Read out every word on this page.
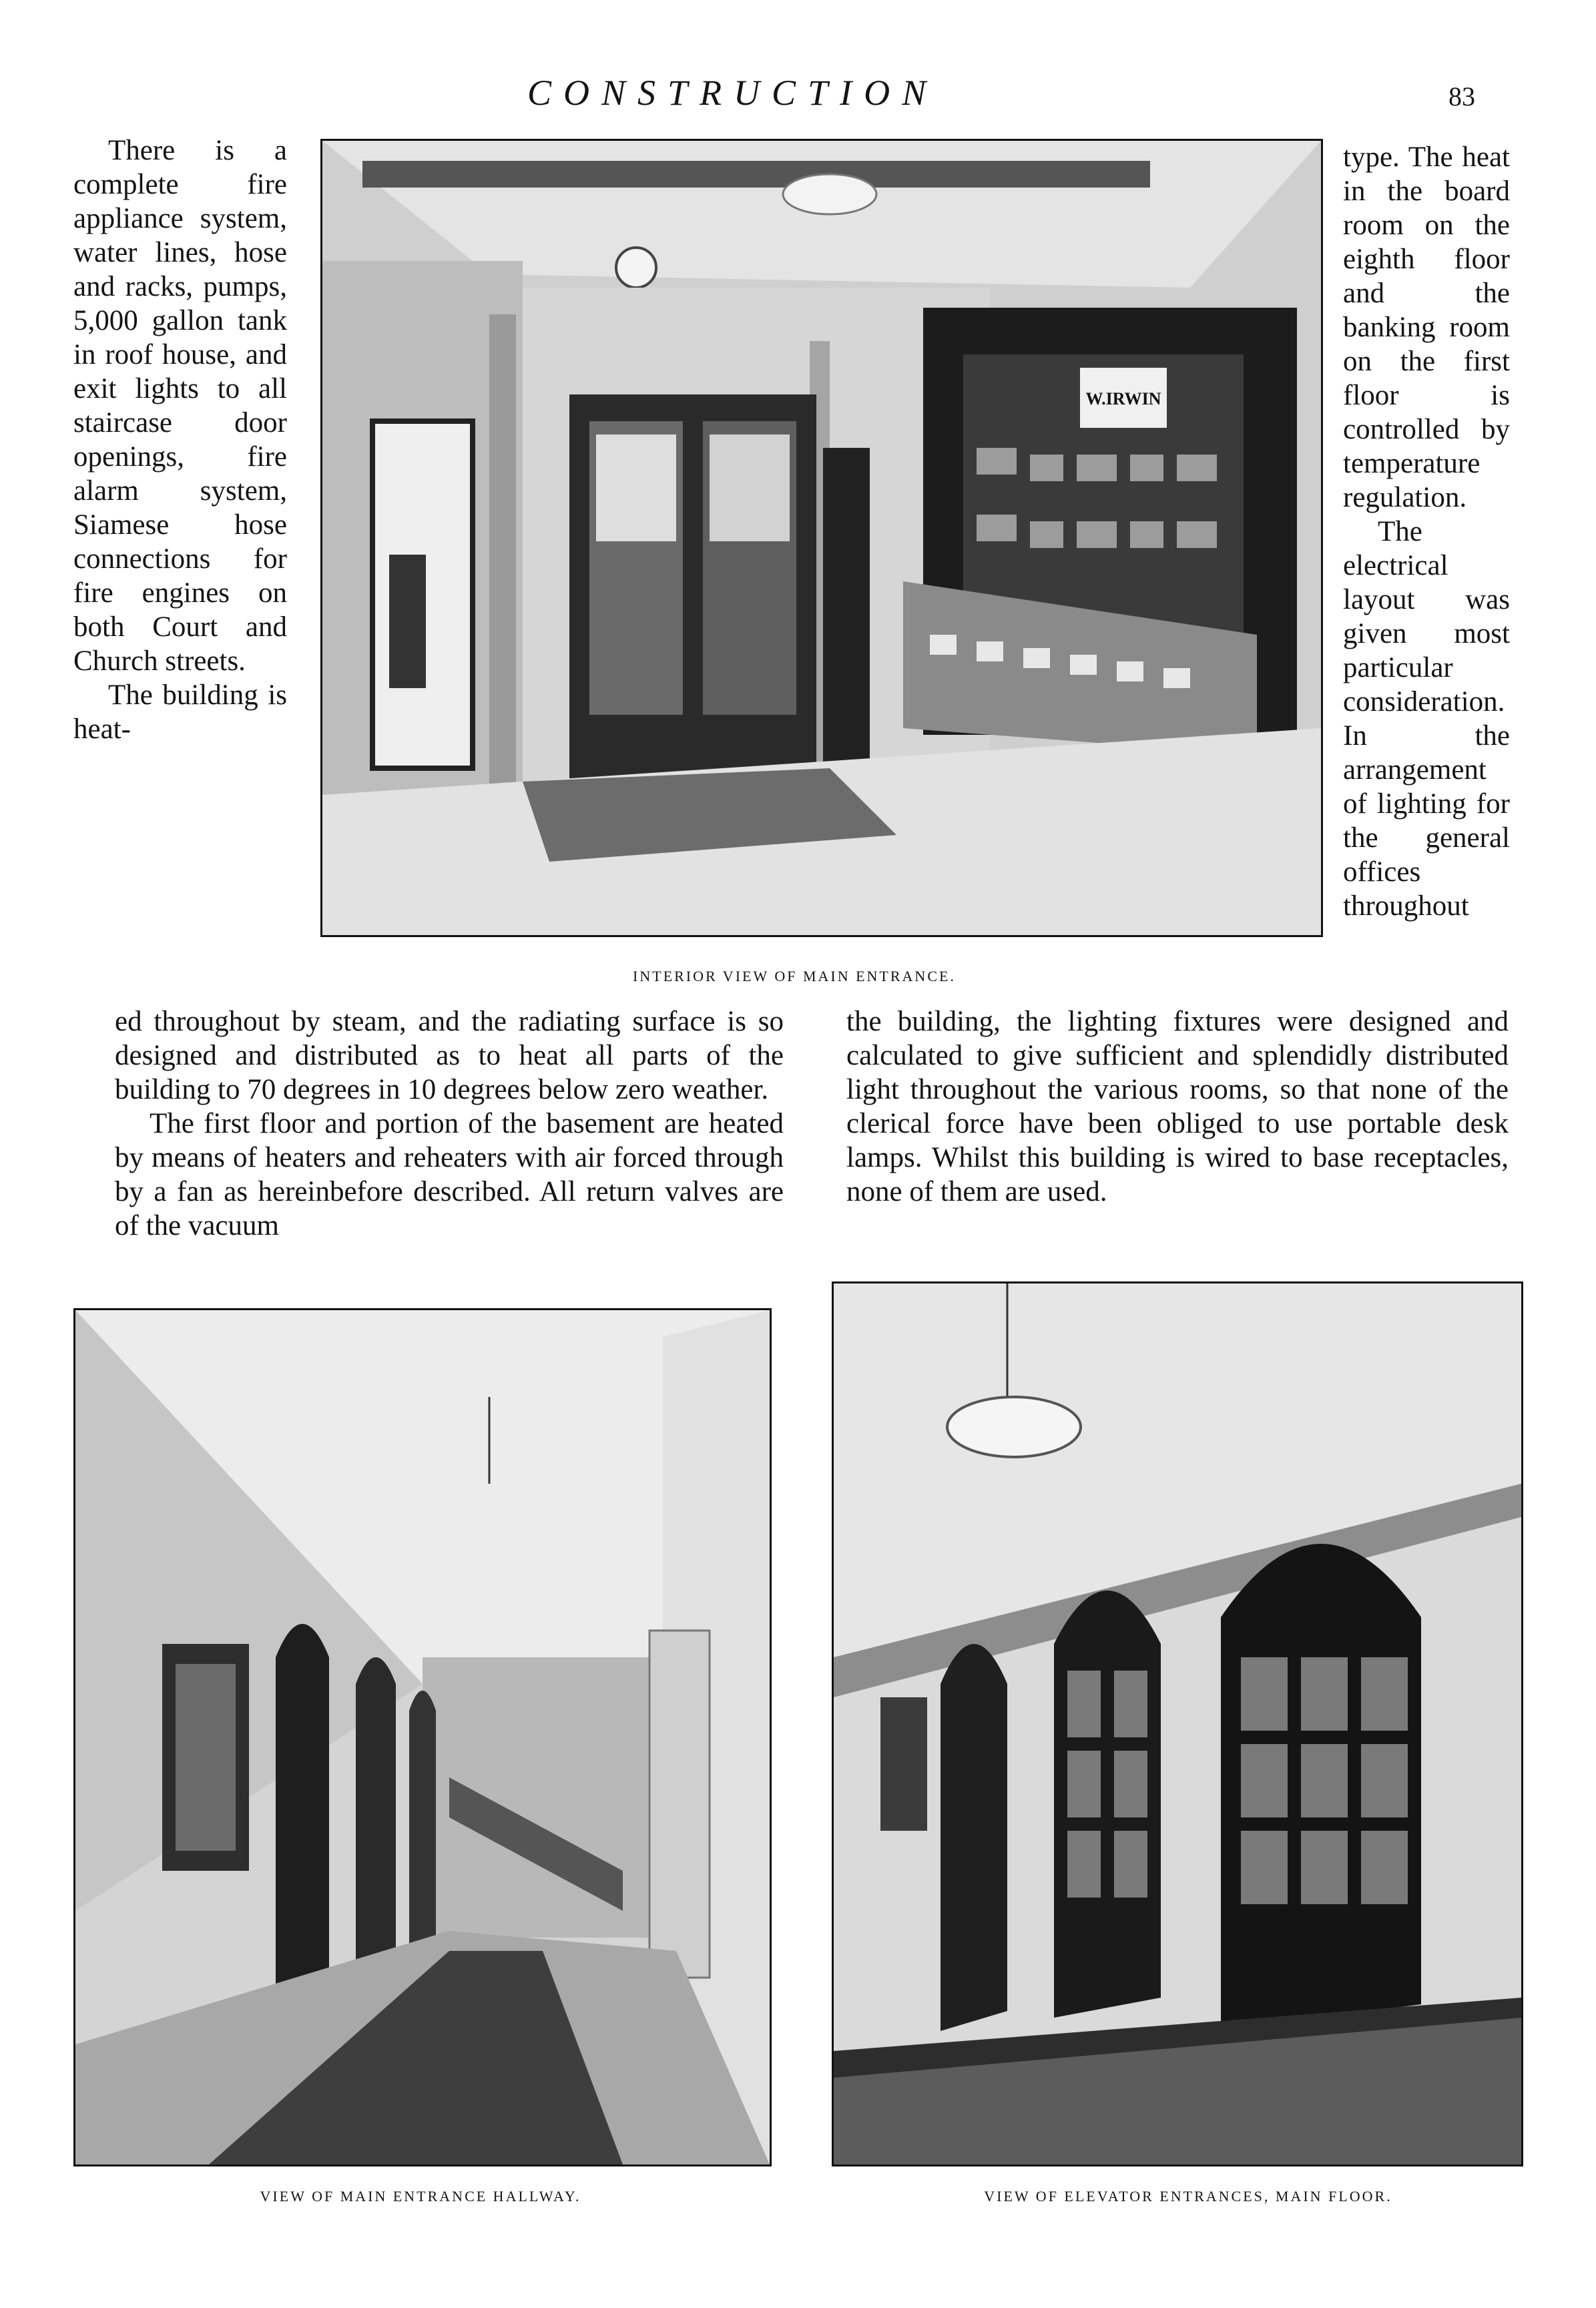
CONSTRUCTION	83

There is a complete fire appliance system, water lines, hose and racks, pumps, 5,000 gallon tank in roof house, and exit lights to all staircase door openings, fire alarm system, Siamese hose connections for fire engines on both Court and Church streets.

The building is heat-

type. The heat in the board room on the eighth floor and the banking room on the first floor is controlled by temperature regulation.

The electrical layout was given most particular consideration. In the arrangement of lighting for the general offices throughout

W.IRWIN
INTERIOR VIEW OF MAIN ENTRANCE.

ed throughout by steam, and the radiating surface is so designed and distributed as to heat all parts of the building to 70 degrees in 10 degrees below zero weather.

The first floor and portion of the basement are heated by means of heaters and reheaters with air forced through by a fan as hereinbefore described. All return valves are of the vacuum

the building, the lighting fixtures were designed and calculated to give sufficient and splendidly distributed light throughout the various rooms, so that none of the clerical force have been obliged to use portable desk lamps. Whilst this building is wired to base receptacles, none of them are used.

VIEW OF MAIN ENTRANCE HALLWAY.	VIEW OF ELEVATOR ENTRANCES, MAIN FLOOR.
